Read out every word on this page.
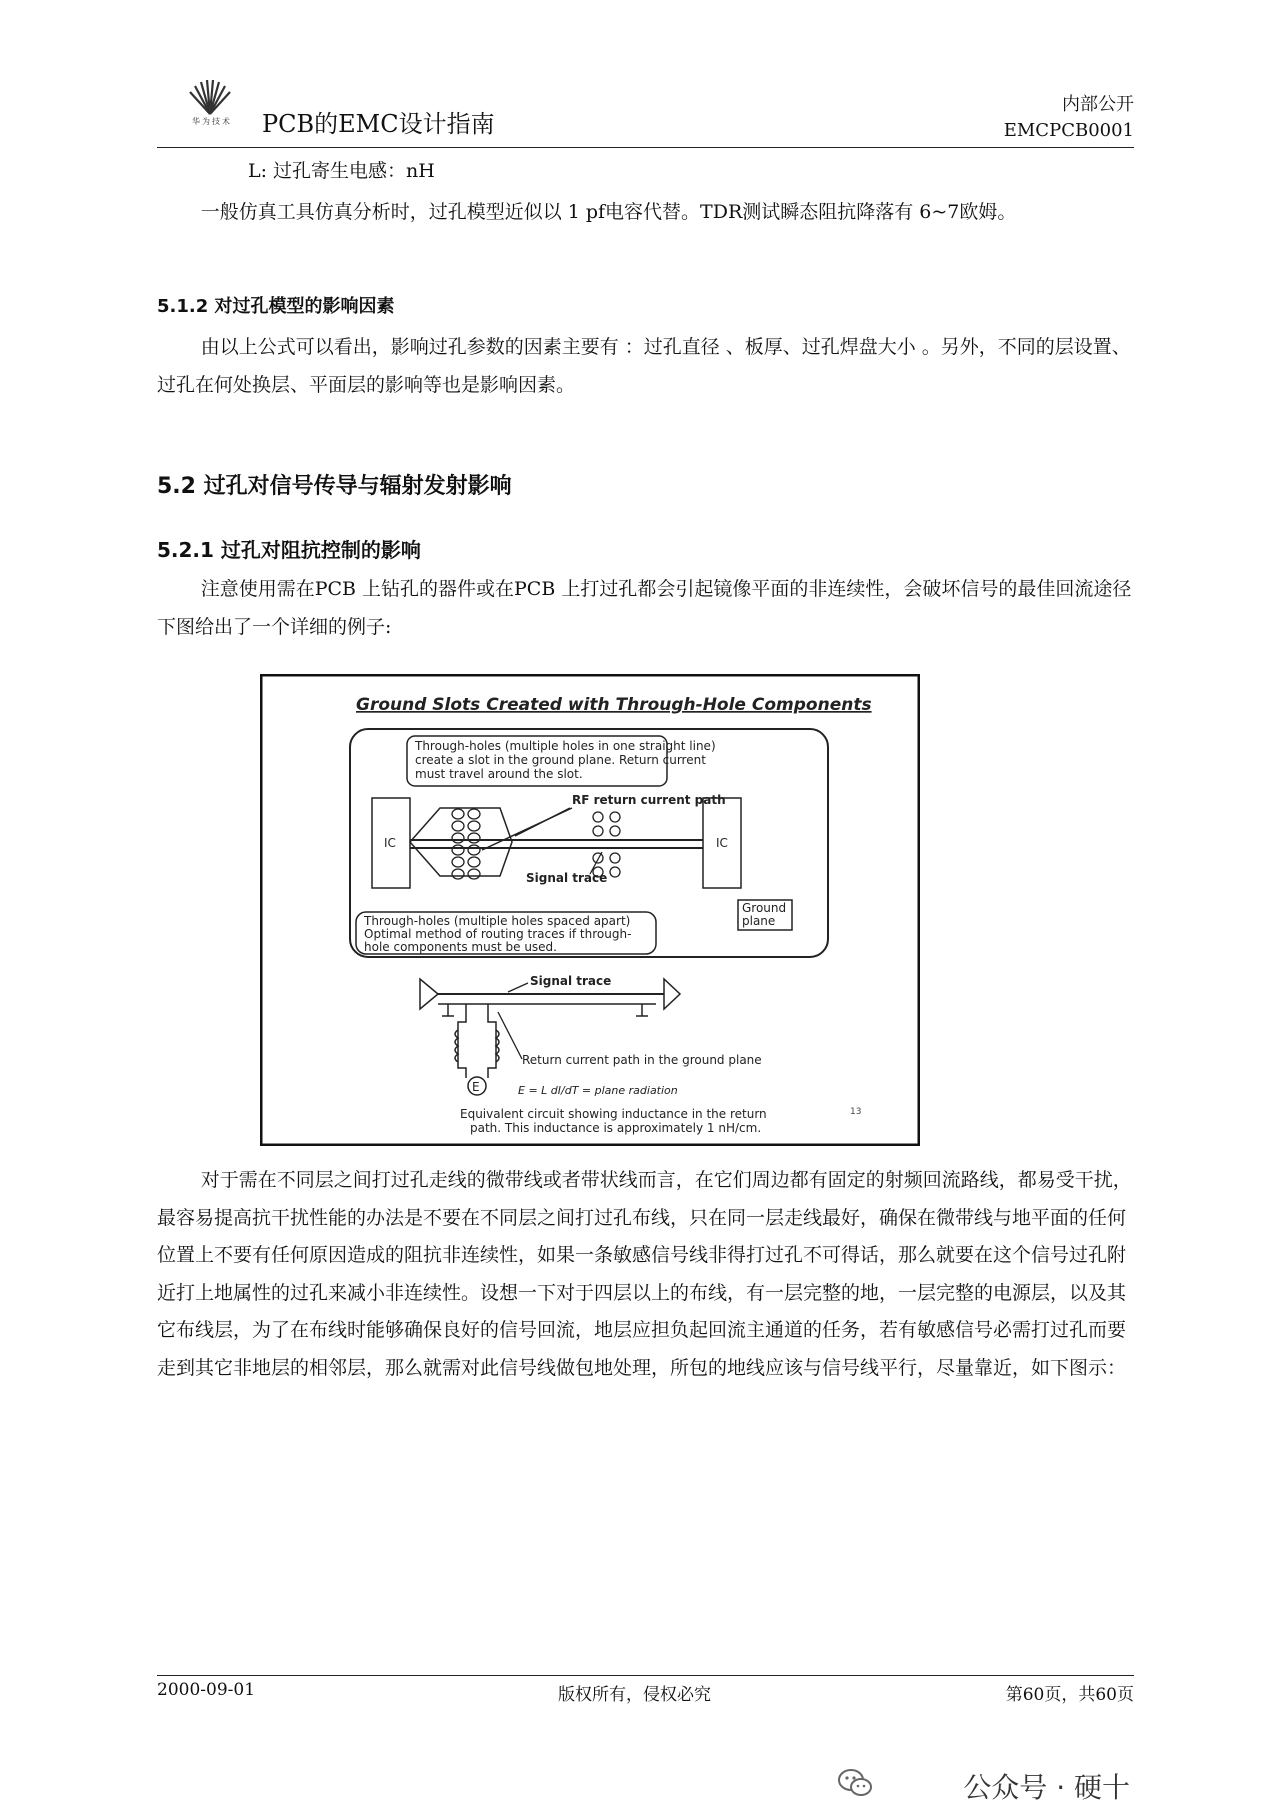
华为技术	PCB的EMC设计指南
内部公开
EMCPCB0001

L: 过孔寄生电感：nH

一般仿真工具仿真分析时，过孔模型近似以 1 pf电容代替。TDR测试瞬态阻抗降落有 6~7欧姆。

5.1.2 对过孔模型的影响因素

由以上公式可以看出，影响过孔参数的因素主要有 ：过孔直径 、板厚、过孔焊盘大小 。另外，不同的层设置、过孔在何处换层、平面层的影响等也是影响因素。

5.2 过孔对信号传导与辐射发射影响
5.2.1 过孔对阻抗控制的影响

注意使用需在PCB 上钻孔的器件或在PCB 上打过孔都会引起镜像平面的非连续性，会破坏信号的最佳回流途径下图给出了一个详细的例子:

Ground Slots Created with Through-Hole Components
Through-holes (multiple holes in one straight line) create a slot in the ground plane. Return current must travel around the slot.
IC	IC
RF return current path
Signal trace
Ground plane
Through-holes (multiple holes spaced apart) Optimal method of routing traces if through- hole components must be used.
Signal trace
E
Return current path in the ground plane
E = L dI/dT = plane radiation
Equivalent circuit showing inductance in the return path. This inductance is approximately 1 nH/cm.
13

对于需在不同层之间打过孔走线的微带线或者带状线而言，在它们周边都有固定的射频回流路线，都易受干扰，最容易提高抗干扰性能的办法是不要在不同层之间打过孔布线，只在同一层走线最好，确保在微带线与地平面的任何位置上不要有任何原因造成的阻抗非连续性，如果一条敏感信号线非得打过孔不可得话，那么就要在这个信号过孔附近打上地属性的过孔来减小非连续性。设想一下对于四层以上的布线，有一层完整的地，一层完整的电源层，以及其它布线层，为了在布线时能够确保良好的信号回流，地层应担负起回流主通道的任务，若有敏感信号必需打过孔而要走到其它非地层的相邻层，那么就需对此信号线做包地处理，所包的地线应该与信号线平行，尽量靠近，如下图示：

2000-09-01	版权所有，侵权必究	第60页，共60页
公众号 · 硬十
